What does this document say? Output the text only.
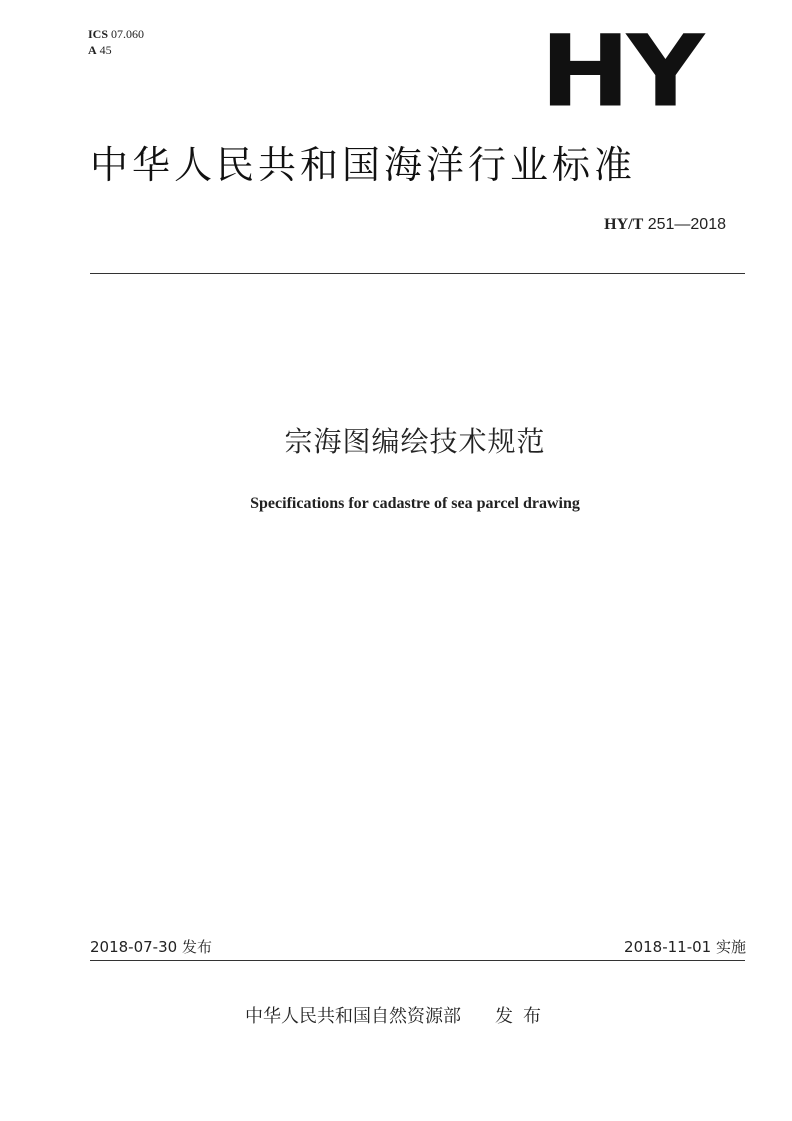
ICS 07.060
A 45	HY
中华人民共和国海洋行业标准
HY/T 251—2018
宗海图编绘技术规范
Specifications for cadastre of sea parcel drawing
2018-07-30 发布	2018-11-01 实施
中华人民共和国自然资源部 发布
